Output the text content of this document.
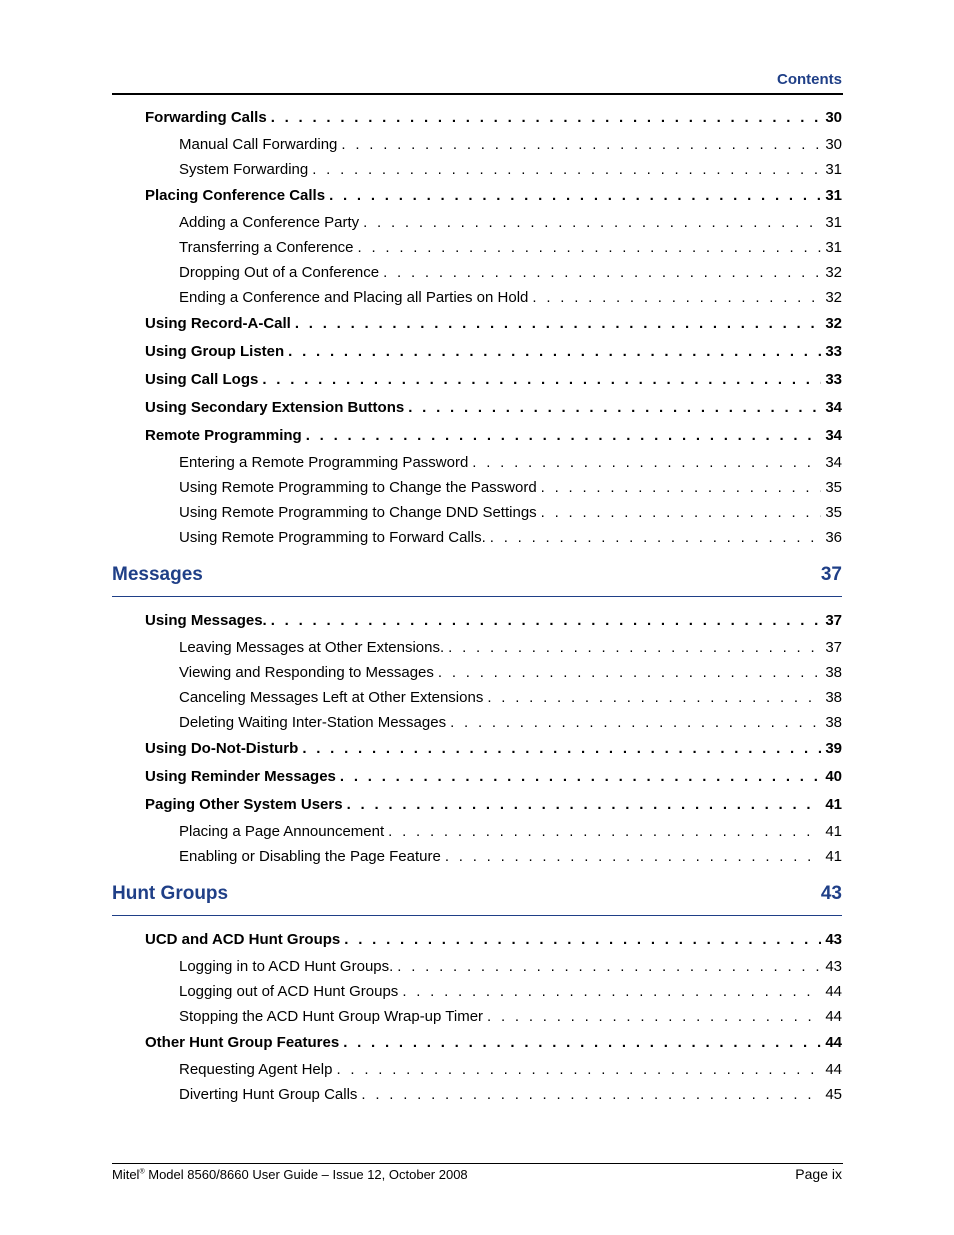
Contents
Forwarding Calls . . .	30
Manual Call Forwarding . . .	30
System Forwarding . . .	31
Placing Conference Calls . . .	31
Adding a Conference Party . . .	31
Transferring a Conference . . .	31
Dropping Out of a Conference . . .	32
Ending a Conference and Placing all Parties on Hold . . .	32
Using Record-A-Call . . .	32
Using Group Listen . . .	33
Using Call Logs . . .	33
Using Secondary Extension Buttons . . .	34
Remote Programming . . .	34
Entering a Remote Programming Password . . .	34
Using Remote Programming to Change the Password . . .	35
Using Remote Programming to Change DND Settings . . .	35
Using Remote Programming to Forward Calls. . . .	36
Messages	37
Using Messages. . . .	37
Leaving Messages at Other Extensions. . . .	37
Viewing and Responding to Messages . . .	38
Canceling Messages Left at Other Extensions . . .	38
Deleting Waiting Inter-Station Messages . . .	38
Using Do-Not-Disturb . . .	39
Using Reminder Messages . . .	40
Paging Other System Users . . .	41
Placing a Page Announcement . . .	41
Enabling or Disabling the Page Feature . . .	41
Hunt Groups	43
UCD and ACD Hunt Groups . . .	43
Logging in to ACD Hunt Groups. . . .	43
Logging out of ACD Hunt Groups . . .	44
Stopping the ACD Hunt Group Wrap-up Timer . . .	44
Other Hunt Group Features . . .	44
Requesting Agent Help . . .	44
Diverting Hunt Group Calls . . .	45
Mitel® Model 8560/8660 User Guide – Issue 12, October 2008	Page ix
